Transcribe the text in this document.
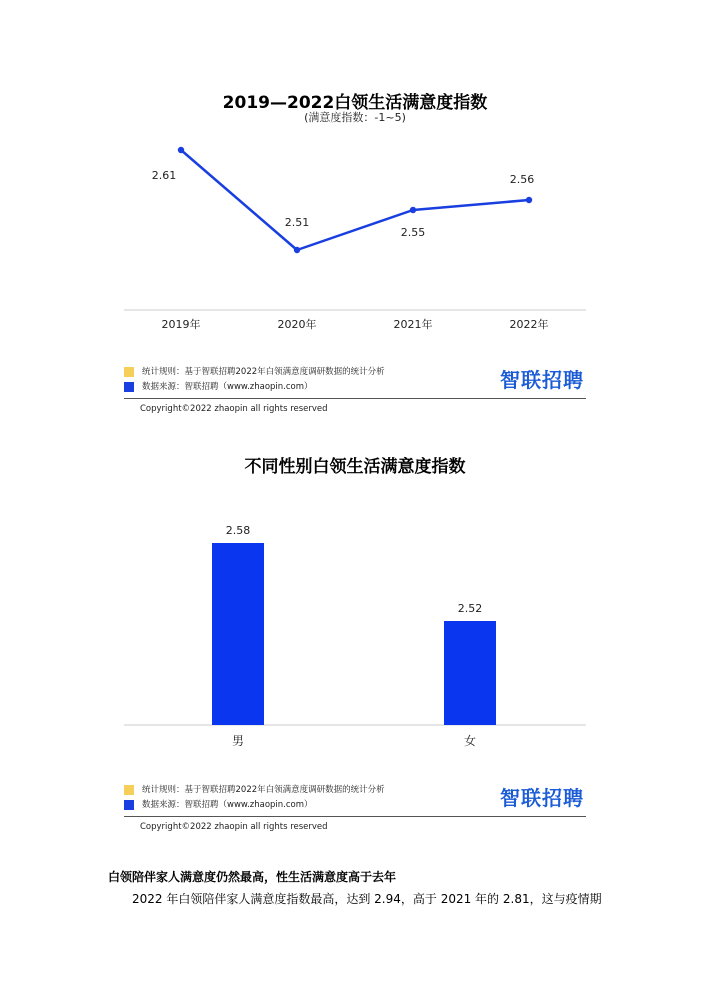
2019—2022白领生活满意度指数
(满意度指数：-1~5)
2.61
2019年
2.51
2020年
2.55
2021年
2.56
2022年
统计规则：基于智联招聘2022年白领满意度调研数据的统计分析
数据来源：智联招聘（www.zhaopin.com）	智联招聘
Copyright©2022 zhaopin all rights reserved
不同性别白领生活满意度指数
2.58
男
2.52
女
统计规则：基于智联招聘2022年白领满意度调研数据的统计分析
数据来源：智联招聘（www.zhaopin.com）	智联招聘
Copyright©2022 zhaopin all rights reserved
白领陪伴家人满意度仍然最高，性生活满意度高于去年
2022 年白领陪伴家人满意度指数最高，达到 2.94，高于 2021 年的 2.81，这与疫情期
